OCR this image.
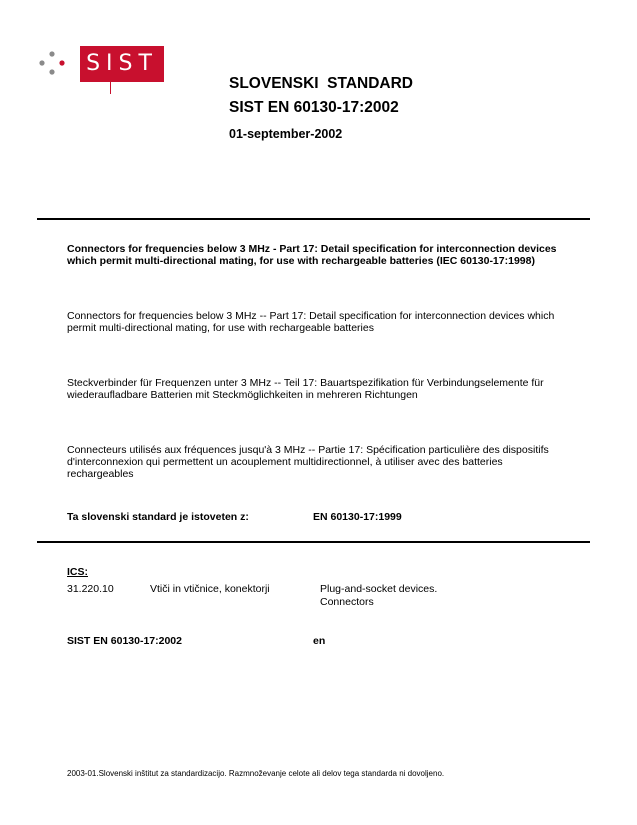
SIST
SLOVENSKI  STANDARD
SIST EN 60130-17:2002
01-september-2002
Connectors for frequencies below 3 MHz - Part 17: Detail specification for interconnection devices which permit multi-directional mating, for use with rechargeable batteries (IEC 60130-17:1998)
Connectors for frequencies below 3 MHz -- Part 17: Detail specification for interconnection devices which permit multi-directional mating, for use with rechargeable batteries
Steckverbinder für Frequenzen unter 3 MHz -- Teil 17: Bauartspezifikation für Verbindungselemente für wiederaufladbare Batterien mit Steckmöglichkeiten in mehreren Richtungen
Connecteurs utilisés aux fréquences jusqu'à 3 MHz -- Partie 17: Spécification particulière des dispositifs d'interconnexion qui permettent un acouplement multidirectionnel, à utiliser avec des batteries rechargeables
Ta slovenski standard je istoveten z:	EN 60130-17:1999
ICS:
31.220.10	Vtiči in vtičnice, konektorji	Plug-and-socket devices.
Connectors
SIST EN 60130-17:2002	en
2003-01.Slovenski inštitut za standardizacijo. Razmnoževanje celote ali delov tega standarda ni dovoljeno.
